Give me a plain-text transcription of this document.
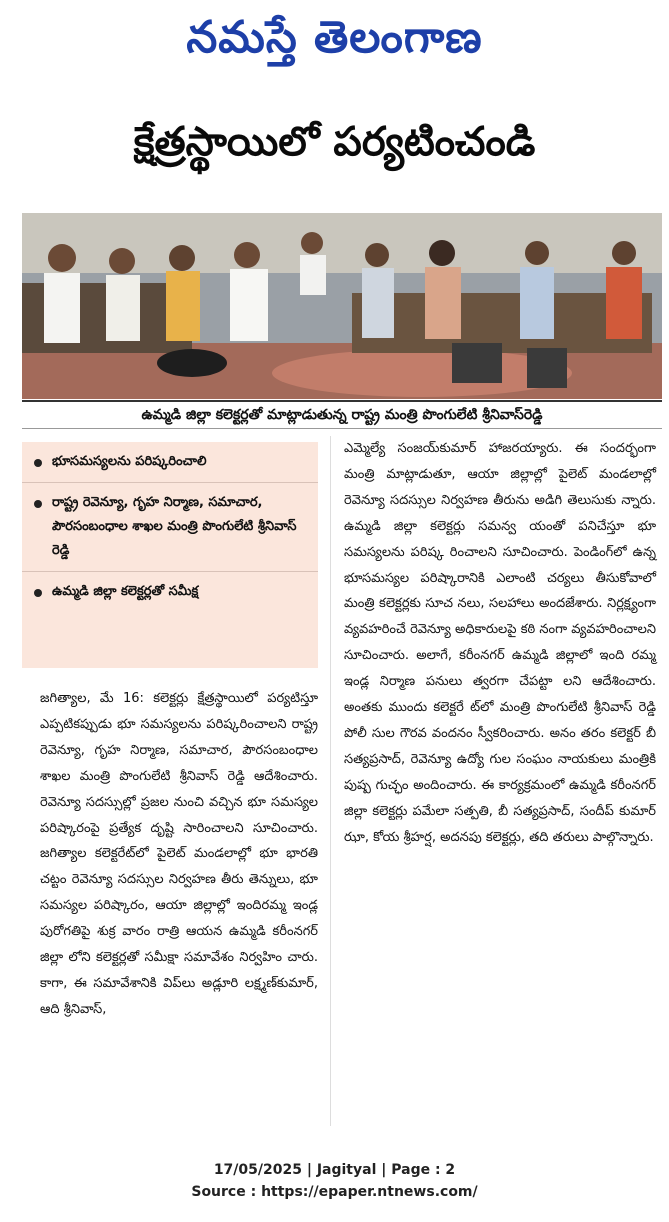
నమస్తే తెలంగాణ
క్షేత్రస్థాయిలో పర్యటించండి
ఉమ్మడి జిల్లా కలెక్టర్లతో మాట్లాడుతున్న రాష్ట్ర మంత్రి పొంగులేటి శ్రీనివాస్‌రెడ్డి
భూసమస్యలను పరిష్కరించాలి
రాష్ట్ర రెవెన్యూ, గృహ నిర్మాణ, సమాచార, పౌరసంబంధాల శాఖల మంత్రి పొంగులేటి శ్రీనివాస్ రెడ్డి
ఉమ్మడి జిల్లా కలెక్టర్లతో సమీక్ష

జగిత్యాల, మే 16: కలెక్టర్లు క్షేత్రస్థాయిలో పర్యటిస్తూ ఎప్పటికప్పుడు భూ సమస్యలను పరిష్కరించాలని రాష్ట్ర రెవెన్యూ, గృహ నిర్మాణ, సమాచార, పౌరసంబంధాల శాఖల మంత్రి పొంగులేటి శ్రీనివాస్ రెడ్డి ఆదేశించారు. రెవెన్యూ సదస్సుల్లో ప్రజల నుంచి వచ్చిన భూ సమస్యల పరిష్కారంపై ప్రత్యేక దృష్టి సారించాలని సూచించారు. జగిత్యాల కలెక్టరేట్‌లో పైలెట్ మండలాల్లో భూ భారతి చట్టం రెవెన్యూ సదస్సుల నిర్వహణ తీరు తెన్నులు, భూ సమస్యల పరిష్కారం, ఆయా జిల్లాల్లో ఇందిరమ్మ ఇండ్ల పురోగతిపై శుక్ర వారం రాత్రి ఆయన ఉమ్మడి కరీంనగర్ జిల్లా లోని కలెక్టర్లతో సమీక్షా సమావేశం నిర్వహిం చారు. కాగా, ఈ సమావేశానికి విప్‌లు అడ్లూరి లక్ష్మణ్‌కుమార్, ఆది శ్రీనివాస్,

ఎమ్మెల్యే సంజయ్‌కుమార్ హాజరయ్యారు. ఈ సందర్భంగా మంత్రి మాట్లాడుతూ, ఆయా జిల్లాల్లో పైలెట్ మండలాల్లో రెవెన్యూ సదస్సుల నిర్వహణ తీరును అడిగి తెలుసుకు న్నారు. ఉమ్మడి జిల్లా కలెక్టర్లు సమన్వ యంతో పనిచేస్తూ భూ సమస్యలను పరిష్క రించాలని సూచించారు. పెండింగ్‌లో ఉన్న భూసమస్యల పరిష్కారానికి ఎలాంటి చర్యలు తీసుకోవాలో మంత్రి కలెక్టర్లకు సూచ నలు, సలహాలు అందజేశారు. నిర్లక్ష్యంగా వ్యవహరించే రెవెన్యూ అధికారులపై కఠి నంగా వ్యవహరించాలని సూచించారు. అలాగే, కరీంనగర్ ఉమ్మడి జిల్లాలో ఇంది రమ్మ ఇండ్ల నిర్మాణ పనులు త్వరగా చేపట్టా లని ఆదేశించారు. అంతకు ముందు కలెక్టరే ట్‌లో మంత్రి పొంగులేటి శ్రీనివాస్ రెడ్డి పోలీ సుల గౌరవ వందనం స్వీకరించారు. అనం తరం కలెక్టర్ బీ సత్యప్రసాద్, రెవెన్యూ ఉద్యో గుల సంఘం నాయకులు మంత్రికి పుష్ప గుచ్ఛం అందించారు. ఈ కార్యక్రమంలో ఉమ్మడి కరీంనగర్ జిల్లా కలెక్టర్లు పమేలా సత్పతి, బీ సత్యప్రసాద్, సందీప్ కుమార్ ఝా, కోయ శ్రీహర్ష, అదనపు కలెక్టర్లు, తది తరులు పాల్గొన్నారు.

17/05/2025 | Jagityal | Page : 2
Source : https://epaper.ntnews.com/
